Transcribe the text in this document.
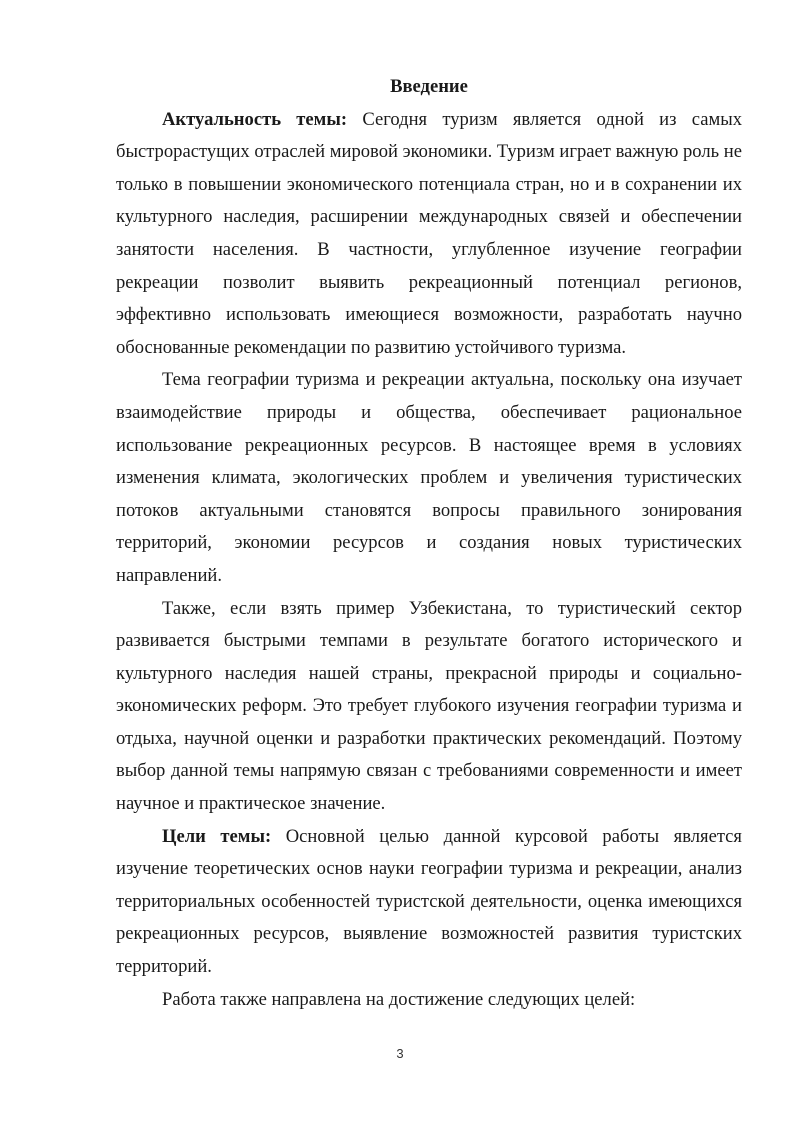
Введение

Актуальность темы: Сегодня туризм является одной из самых быстрорастущих отраслей мировой экономики. Туризм играет важную роль не только в повышении экономического потенциала стран, но и в сохранении их культурного наследия, расширении международных связей и обеспечении занятости населения. В частности, углубленное изучение географии рекреации позволит выявить рекреационный потенциал регионов, эффективно использовать имеющиеся возможности, разработать научно обоснованные рекомендации по развитию устойчивого туризма.

Тема географии туризма и рекреации актуальна, поскольку она изучает взаимодействие природы и общества, обеспечивает рациональное использование рекреационных ресурсов. В настоящее время в условиях изменения климата, экологических проблем и увеличения туристических потоков актуальными становятся вопросы правильного зонирования территорий, экономии ресурсов и создания новых туристических направлений.

Также, если взять пример Узбекистана, то туристический сектор развивается быстрыми темпами в результате богатого исторического и культурного наследия нашей страны, прекрасной природы и социально-экономических реформ. Это требует глубокого изучения географии туризма и отдыха, научной оценки и разработки практических рекомендаций. Поэтому выбор данной темы напрямую связан с требованиями современности и имеет научное и практическое значение.

Цели темы: Основной целью данной курсовой работы является изучение теоретических основ науки географии туризма и рекреации, анализ территориальных особенностей туристской деятельности, оценка имеющихся рекреационных ресурсов, выявление возможностей развития туристских территорий.

Работа также направлена на достижение следующих целей:

3
